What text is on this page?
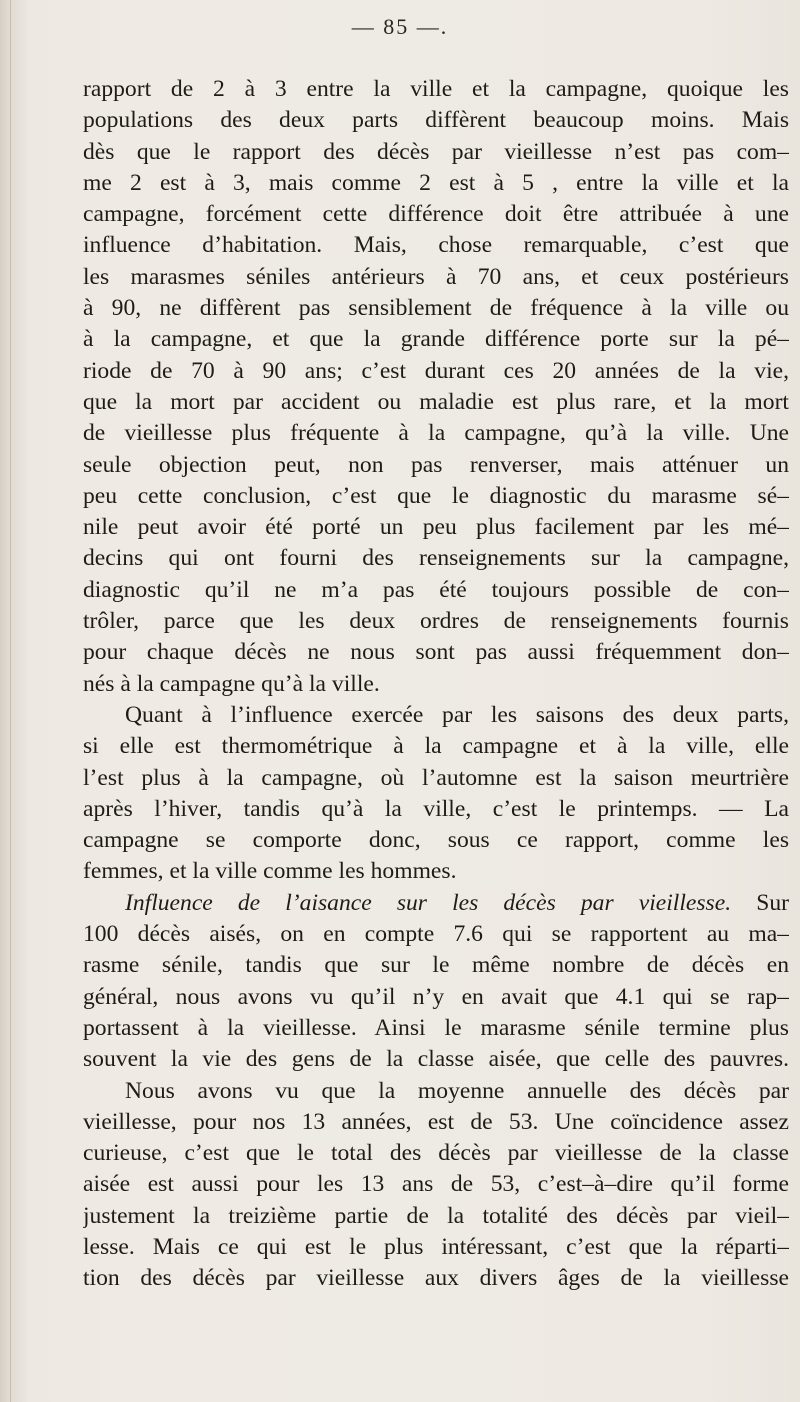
— 85 —.
rapport de 2 à 3 entre la ville et la campagne, quoique les
populations des deux parts diffèrent beaucoup moins. Mais
dès que le rapport des décès par vieillesse n’est pas com–
me 2 est à 3, mais comme 2 est à 5 , entre la ville et la
campagne, forcément cette différence doit être attribuée à une
influence d’habitation. Mais, chose remarquable, c’est que
les marasmes séniles antérieurs à 70 ans, et ceux postérieurs
à 90, ne diffèrent pas sensiblement de fréquence à la ville ou
à la campagne, et que la grande différence porte sur la pé–
riode de 70 à 90 ans; c’est durant ces 20 années de la vie,
que la mort par accident ou maladie est plus rare, et la mort
de vieillesse plus fréquente à la campagne, qu’à la ville. Une
seule objection peut, non pas renverser, mais atténuer un
peu cette conclusion, c’est que le diagnostic du marasme sé–
nile peut avoir été porté un peu plus facilement par les mé–
decins qui ont fourni des renseignements sur la campagne,
diagnostic qu’il ne m’a pas été toujours possible de con–
trôler, parce que les deux ordres de renseignements fournis
pour chaque décès ne nous sont pas aussi fréquemment don–
nés à la campagne qu’à la ville.
Quant à l’influence exercée par les saisons des deux parts,
si elle est thermométrique à la campagne et à la ville, elle
l’est plus à la campagne, où l’automne est la saison meurtrière
après l’hiver, tandis qu’à la ville, c’est le printemps. — La
campagne se comporte donc, sous ce rapport, comme les
femmes, et la ville comme les hommes.
Influence de l’aisance sur les décès par vieillesse. Sur
100 décès aisés, on en compte 7.6 qui se rapportent au ma–
rasme sénile, tandis que sur le même nombre de décès en
général, nous avons vu qu’il n’y en avait que 4.1 qui se rap–
portassent à la vieillesse. Ainsi le marasme sénile termine plus
souvent la vie des gens de la classe aisée, que celle des pauvres.
Nous avons vu que la moyenne annuelle des décès par
vieillesse, pour nos 13 années, est de 53. Une coïncidence assez
curieuse, c’est que le total des décès par vieillesse de la classe
aisée est aussi pour les 13 ans de 53, c’est–à–dire qu’il forme
justement la treizième partie de la totalité des décès par vieil–
lesse. Mais ce qui est le plus intéressant, c’est que la réparti–
tion des décès par vieillesse aux divers âges de la vieillesse
